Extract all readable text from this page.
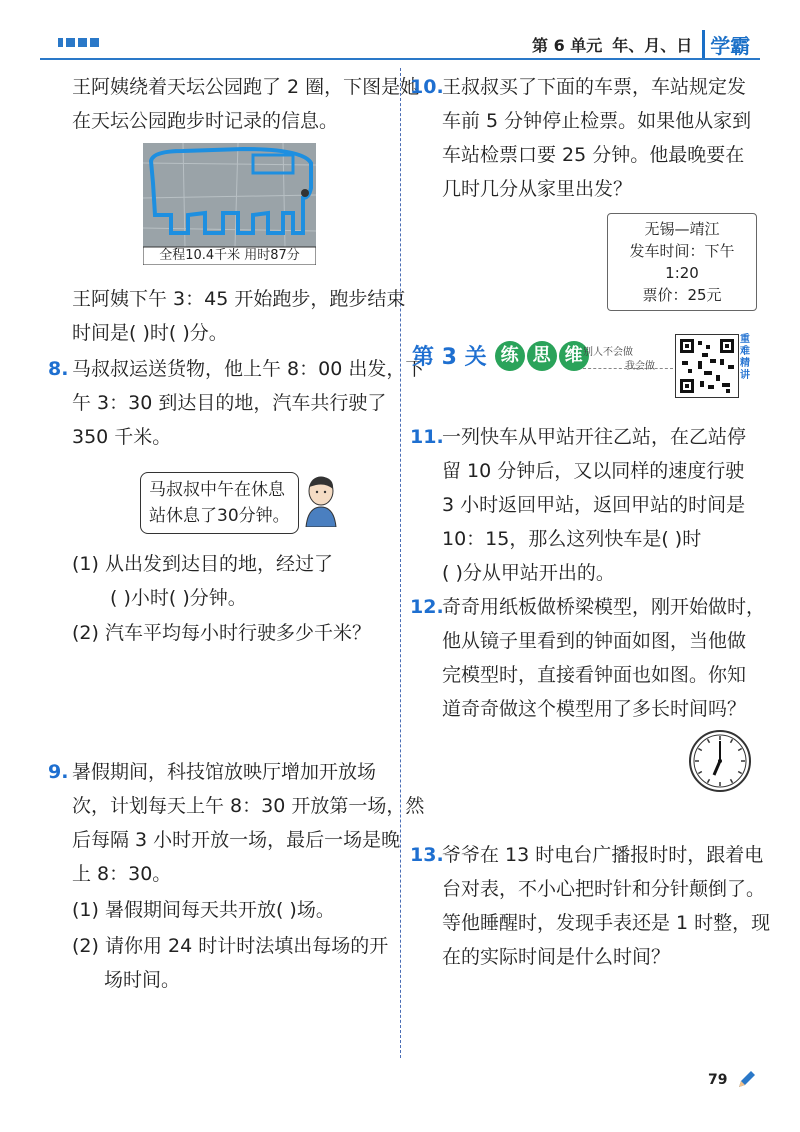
第 6 单元 年、月、日 学霸
王阿姨绕着天坛公园跑了 2 圈，下图是她
在天坛公园跑步时记录的信息。
全程10.4千米 用时87分
王阿姨下午 3：45 开始跑步，跑步结束
时间是( )时( )分。
8. 马叔叔运送货物，他上午 8：00 出发，下
午 3：30 到达目的地，汽车共行驶了
350 千米。
马叔叔中午在休息
站休息了30分钟。
(1) 从出发到达目的地，经过了
( )小时( )分钟。
(2) 汽车平均每小时行驶多少千米？
9. 暑假期间，科技馆放映厅增加开放场
次，计划每天上午 8：30 开放第一场，然
后每隔 3 小时开放一场，最后一场是晚
上 8：30。
(1) 暑假期间每天共开放( )场。
(2) 请你用 24 时计时法填出每场的开
场时间。
10.
王叔叔买了下面的车票，车站规定发
车前 5 分钟停止检票。如果他从家到
车站检票口要 25 分钟。他最晚要在
几时几分从家里出发？
无锡—靖江
发车时间：下午1:20
票价：25元
第 3 关 练 思 维 别人不会做
我会做
重难精讲
11.
一列快车从甲站开往乙站，在乙站停
留 10 分钟后，又以同样的速度行驶
3 小时返回甲站，返回甲站的时间是
10：15，那么这列快车是( )时
( )分从甲站开出的。
12.
奇奇用纸板做桥梁模型，刚开始做时，
他从镜子里看到的钟面如图，当他做
完模型时，直接看钟面也如图。你知
道奇奇做这个模型用了多长时间吗？
13.
爷爷在 13 时电台广播报时时，跟着电
台对表，不小心把时针和分针颠倒了。
等他睡醒时，发现手表还是 1 时整，现
在的实际时间是什么时间？
79
